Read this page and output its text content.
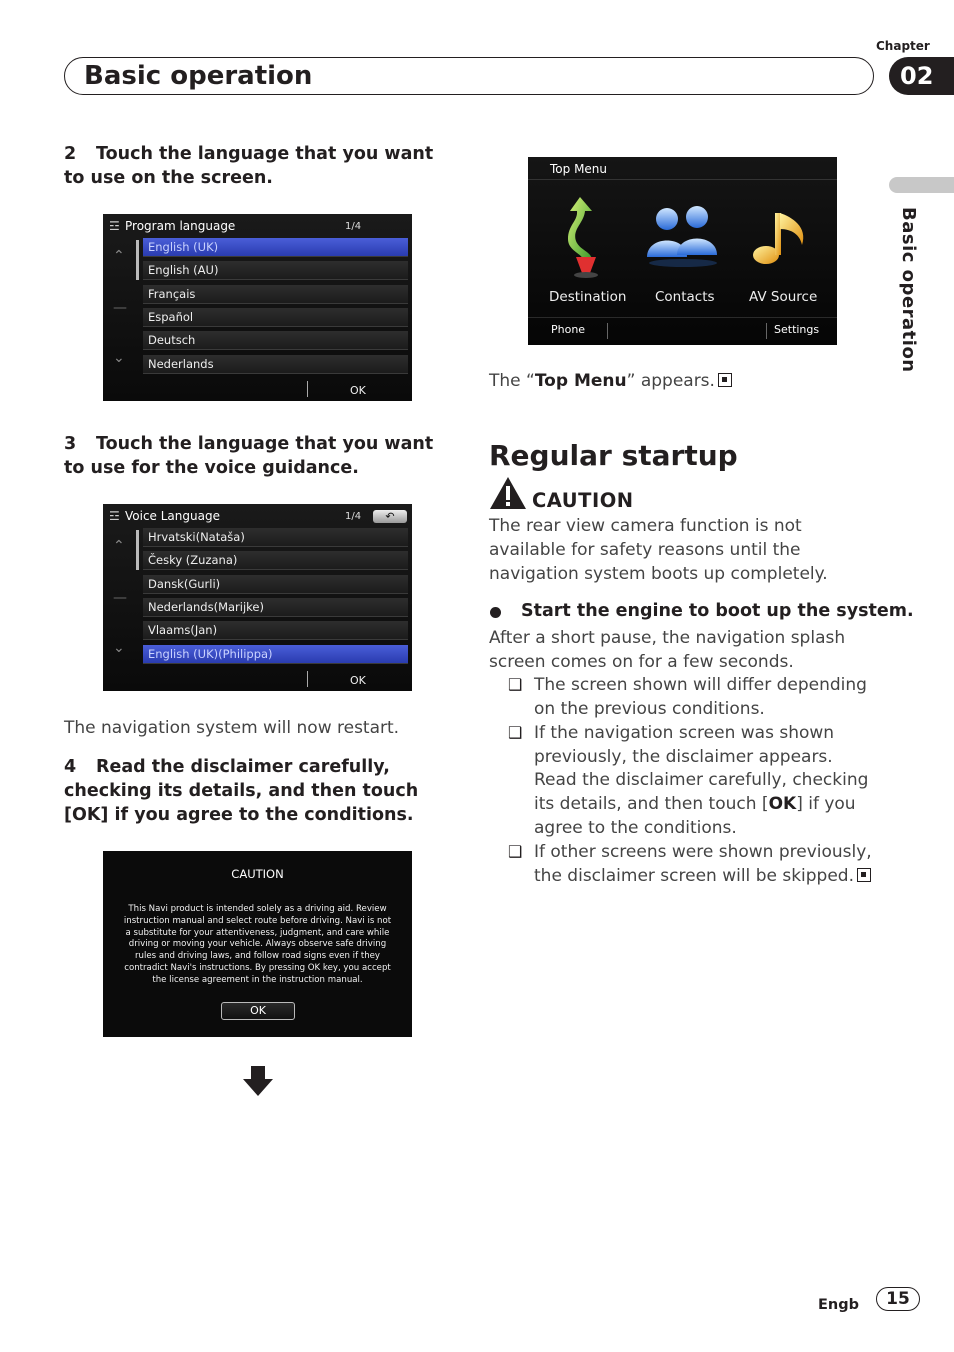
Chapter
Basic operation	02
Basic operation
2 Touch the language that you want to use on the screen.
☲ Program language	1/4
⌃
—
⌄
English (UK)
English (AU)
Français
Español
Deutsch
Nederlands
OK
3 Touch the language that you want to use for the voice guidance.
☲ Voice Language	1/4	↶
⌃
—
⌄
Hrvatski(Nataša)
Česky (Zuzana)
Dansk(Gurli)
Nederlands(Marijke)
Vlaams(Jan)
English (UK)(Philippa)
OK
The navigation system will now restart.
4 Read the disclaimer carefully, checking its details, and then touch [OK] if you agree to the conditions.
CAUTION
This Navi product is intended solely as a driving aid. Review instruction manual and select route before driving. Navi is not a substitute for your attentiveness, judgment, and care while driving or moving your vehicle. Always observe safe driving rules and driving laws, and follow road signs even if they contradict Navi's instructions. By pressing OK key, you accept the license agreement in the instruction manual.
OK
Top Menu
Destination Contacts	AV Source
Phone	Settings
The “Top Menu” appears.
Regular startup
CAUTION
The rear view camera function is not available for safety reasons until the navigation system boots up completely.
Start the engine to boot up the system.
After a short pause, the navigation splash screen comes on for a few seconds.
❑ The screen shown will differ depending on the previous conditions.
❑ If the navigation screen was shown previously, the disclaimer appears.
Read the disclaimer carefully, checking its details, and then touch [OK] if you agree to the conditions.
❑ If other screens were shown previously, the disclaimer screen will be skipped.
Engb	15
